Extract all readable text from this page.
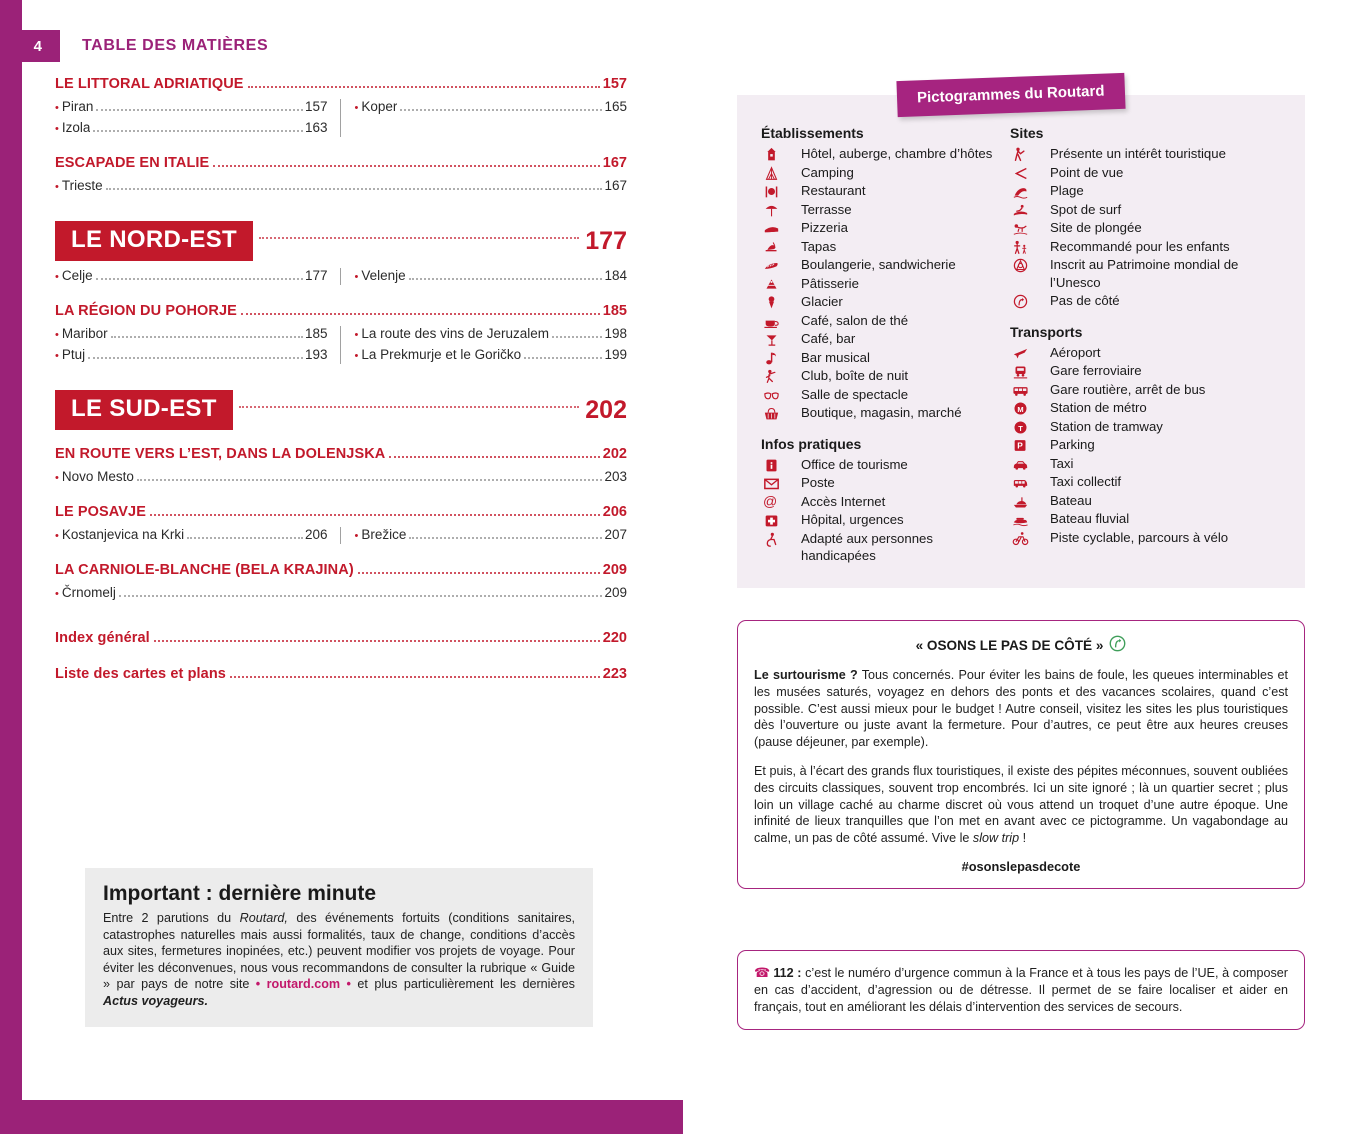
4	TABLE DES MATIÈRES
LE LITTORAL ADRIATIQUE	157
• Piran	157
• Izola	163
• Koper	165
ESCAPADE EN ITALIE	167
• Trieste	167
LE NORD-EST	177
• Celje	177 • Velenje	184
LA RÉGION DU POHORJE	185
• Maribor	185
• Ptuj	193
• La route des vins de Jeruzalem	198
• La Prekmurje et le Goričko	199
LE SUD-EST	202
EN ROUTE VERS L’EST, DANS LA DOLENJSKA	202
• Novo Mesto	203
LE POSAVJE	206
• Kostanjevica na Krki	206 • Brežice	207
LA CARNIOLE-BLANCHE (BELA KRAJINA)	209
• Črnomelj	209
Index général	220
Liste des cartes et plans	223
Important : dernière minute

Entre 2 parutions du Routard, des événements fortuits (conditions sanitaires, catastrophes naturelles mais aussi formalités, taux de change, conditions d’accès aux sites, fermetures inopinées, etc.) peuvent modifier vos projets de voyage. Pour éviter les déconvenues, nous vous recommandons de consulter la rubrique « Guide » par pays de notre site • routard.com • et plus particulièrement les dernières Actus voyageurs.

Pictogrammes du Routard
Établissements
Hôtel, auberge, chambre d’hôtes
Camping
Restaurant
Terrasse
Pizzeria
Tapas
Boulangerie, sandwicherie
Pâtisserie
Glacier
Café, salon de thé
Café, bar
Bar musical
Club, boîte de nuit
Salle de spectacle
Boutique, magasin, marché
Infos pratiques
Office de tourisme
Poste
@	Accès Internet
Hôpital, urgences
Adapté aux personnes handicapées
Sites
Présente un intérêt touristique
Point de vue
Plage
Spot de surf
Site de plongée
Recommandé pour les enfants
Inscrit au Patrimoine mondial de l’Unesco
Pas de côté
Transports
Aéroport
Gare ferroviaire
Gare routière, arrêt de bus
M Station de métro
T Station de tramway
P Parking
Taxi
Taxi collectif
Bateau
Bateau fluvial
Piste cyclable, parcours à vélo
« OSONS LE PAS DE CÔTÉ »

Le surtourisme ? Tous concernés. Pour éviter les bains de foule, les queues interminables et les musées saturés, voyagez en dehors des ponts et des vacances scolaires, quand c’est possible. C’est aussi mieux pour le budget ! Autre conseil, visitez les sites les plus touristiques dès l’ouverture ou juste avant la fermeture. Pour d’autres, ce peut être aux heures creuses (pause déjeuner, par exemple).

Et puis, à l’écart des grands flux touristiques, il existe des pépites méconnues, souvent oubliées des circuits classiques, souvent trop encombrés. Ici un site ignoré ; là un quartier secret ; plus loin un village caché au charme discret où vous attend un troquet d’une autre époque. Une infinité de lieux tranquilles que l’on met en avant avec ce pictogramme. Un vagabondage au calme, un pas de côté assumé. Vive le slow trip !

#osonslepasdecote

☎ 112 : c’est le numéro d’urgence commun à la France et à tous les pays de l’UE, à composer en cas d’accident, d’agression ou de détresse. Il permet de se faire localiser et aider en français, tout en améliorant les délais d’intervention des services de secours.
